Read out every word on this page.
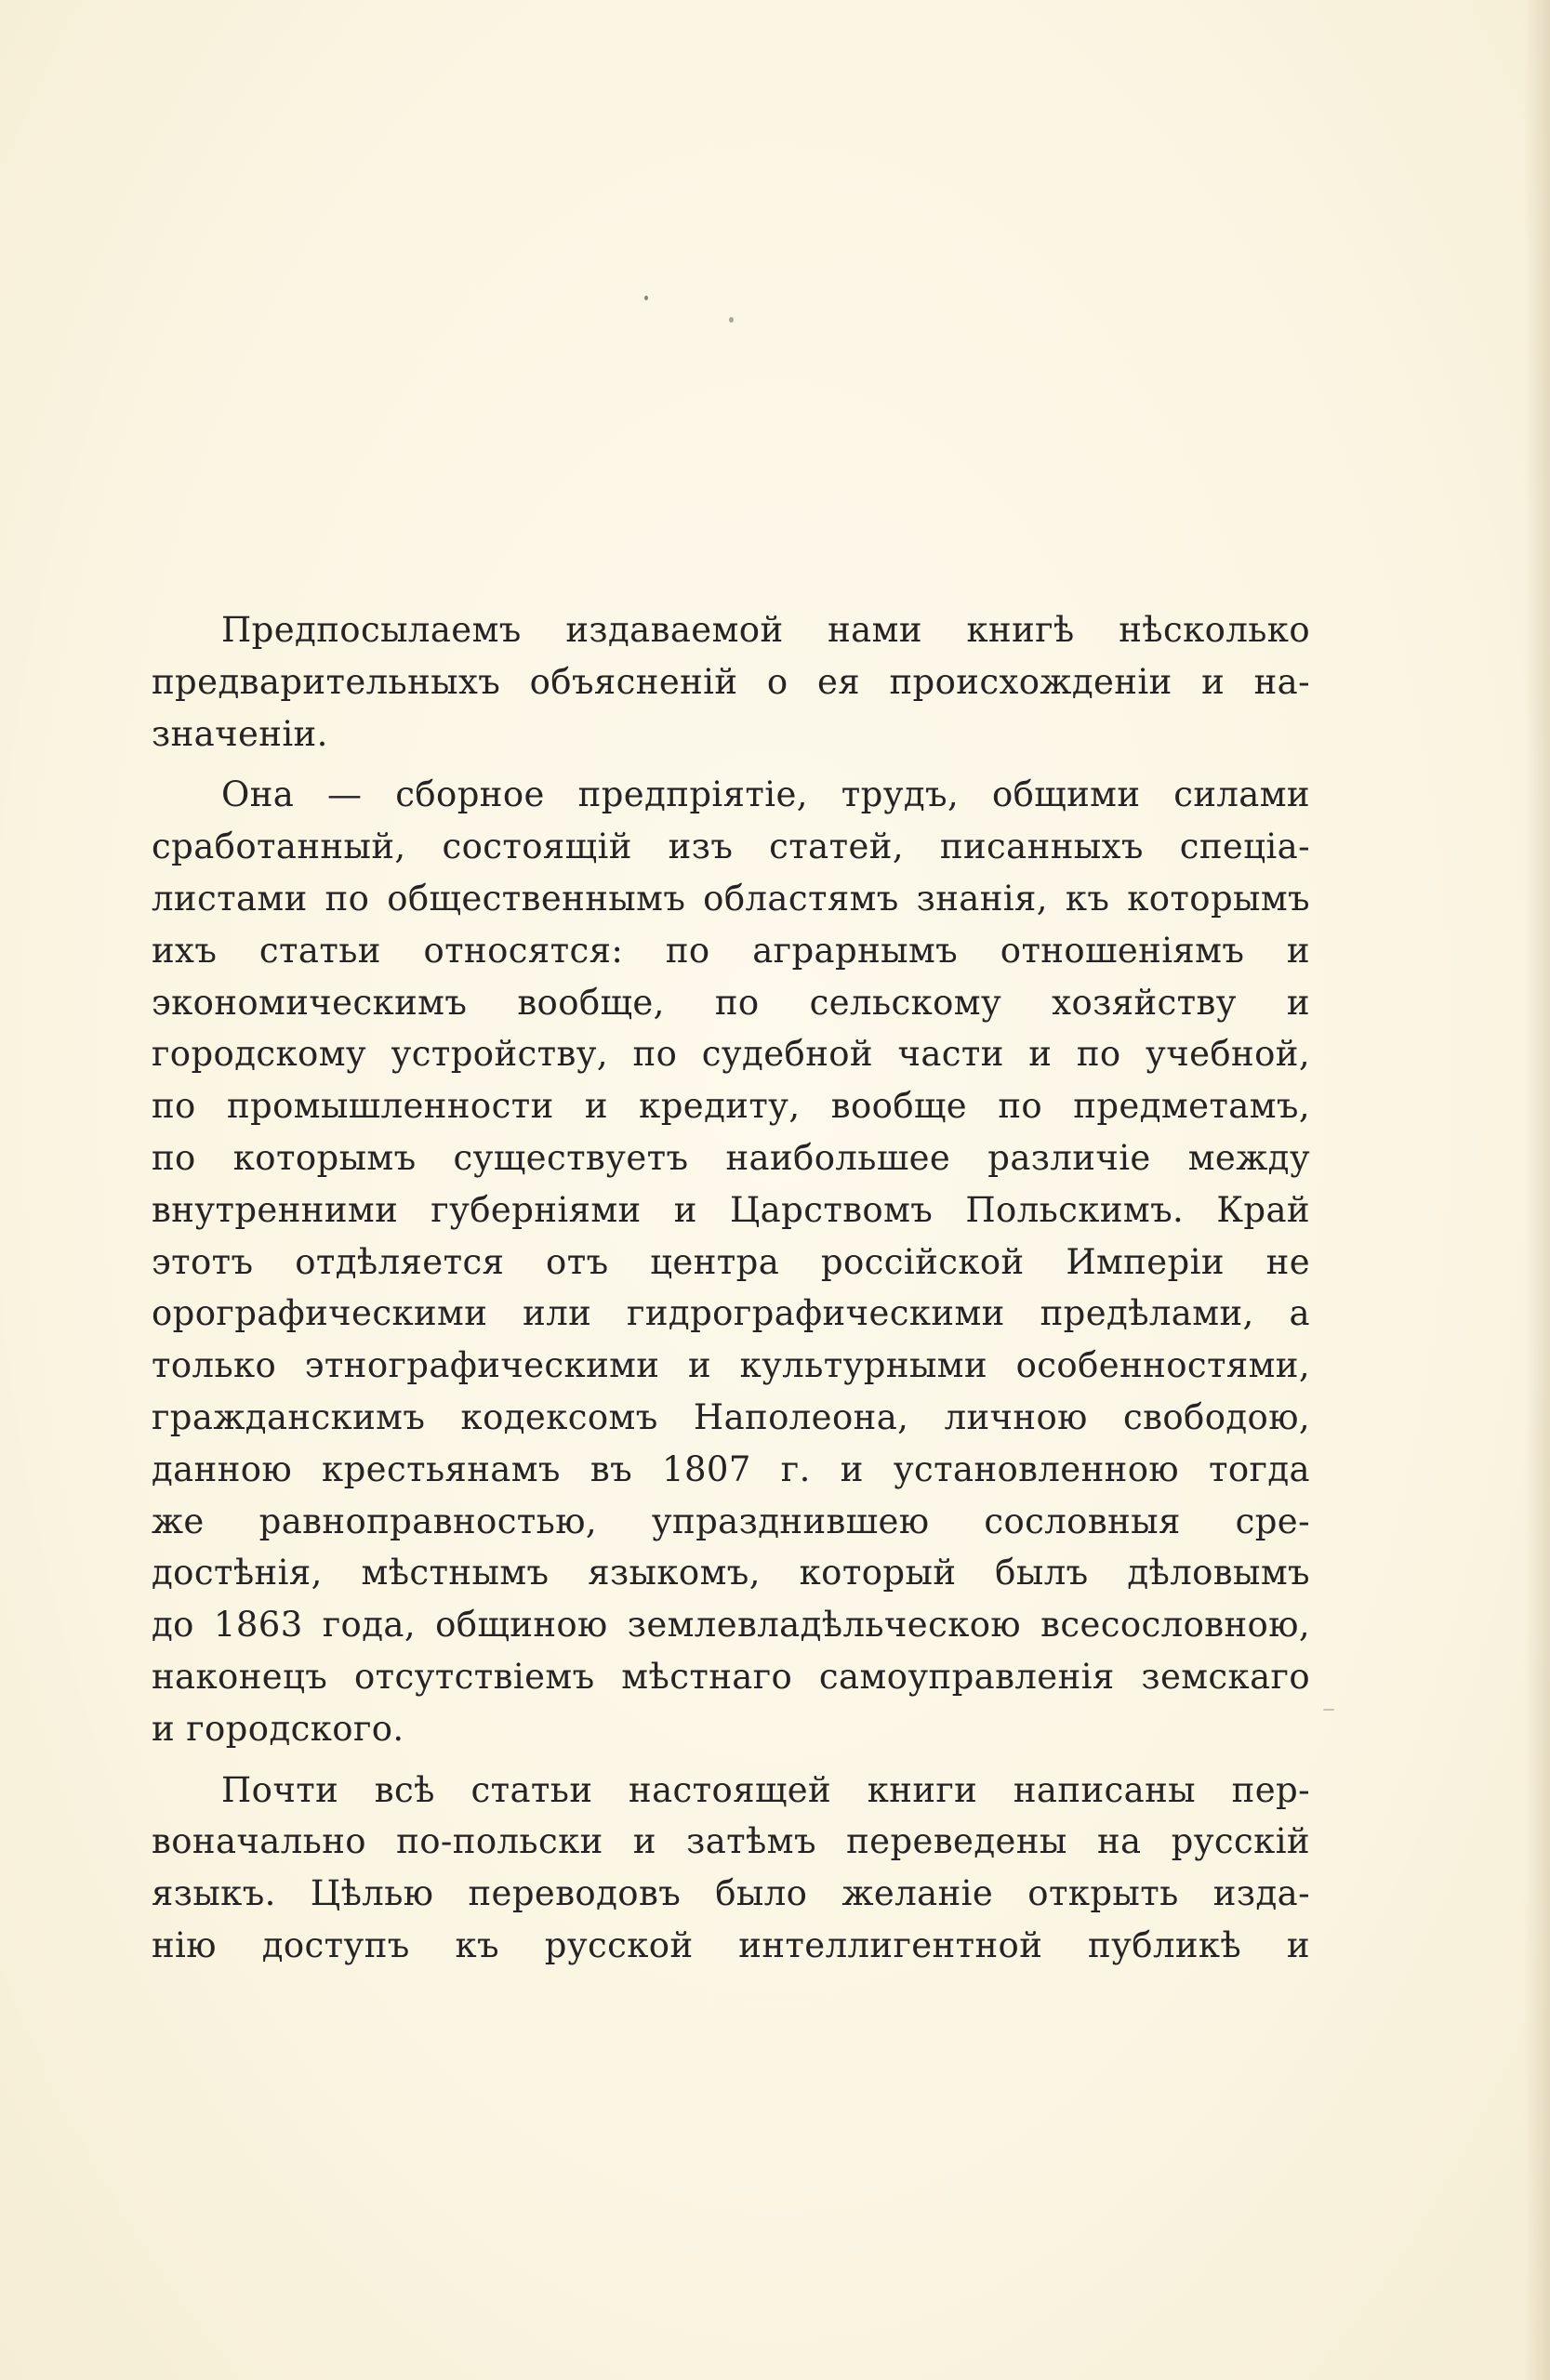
Предпосылаемъ издаваемой нами книгѣ нѣсколько

предварительныхъ объясненій о ея происхожденіи и на-

значеніи.

Она — сборное предпріятіе, трудъ, общими силами

сработанный, состоящій изъ статей, писанныхъ спеціа-

листами по общественнымъ областямъ знанія, къ которымъ

ихъ статьи относятся: по аграрнымъ отношеніямъ и

экономическимъ вообще, по сельскому хозяйству и

городскому устройству, по судебной части и по учебной,

по промышленности и кредиту, вообще по предметамъ,

по которымъ существуетъ наибольшее различіе между

внутренними губерніями и Царствомъ Польскимъ. Край

этотъ отдѣляется отъ центра россійской Имперіи не

орографическими или гидрографическими предѣлами, а

только этнографическими и культурными особенностями,

гражданскимъ кодексомъ Наполеона, личною свободою,

данною крестьянамъ въ 1807 г. и установленною тогда

же равноправностью, упразднившею сословныя сре-

достѣнія, мѣстнымъ языкомъ, который былъ дѣловымъ

до 1863 года, общиною землевладѣльческою всесословною,

наконецъ отсутствіемъ мѣстнаго самоуправленія земскаго

и городского.

Почти всѣ статьи настоящей книги написаны пер-

воначально по-польски и затѣмъ переведены на русскій

языкъ. Цѣлью переводовъ было желаніе открыть изда-

нію доступъ къ русской интеллигентной публикѣ и
